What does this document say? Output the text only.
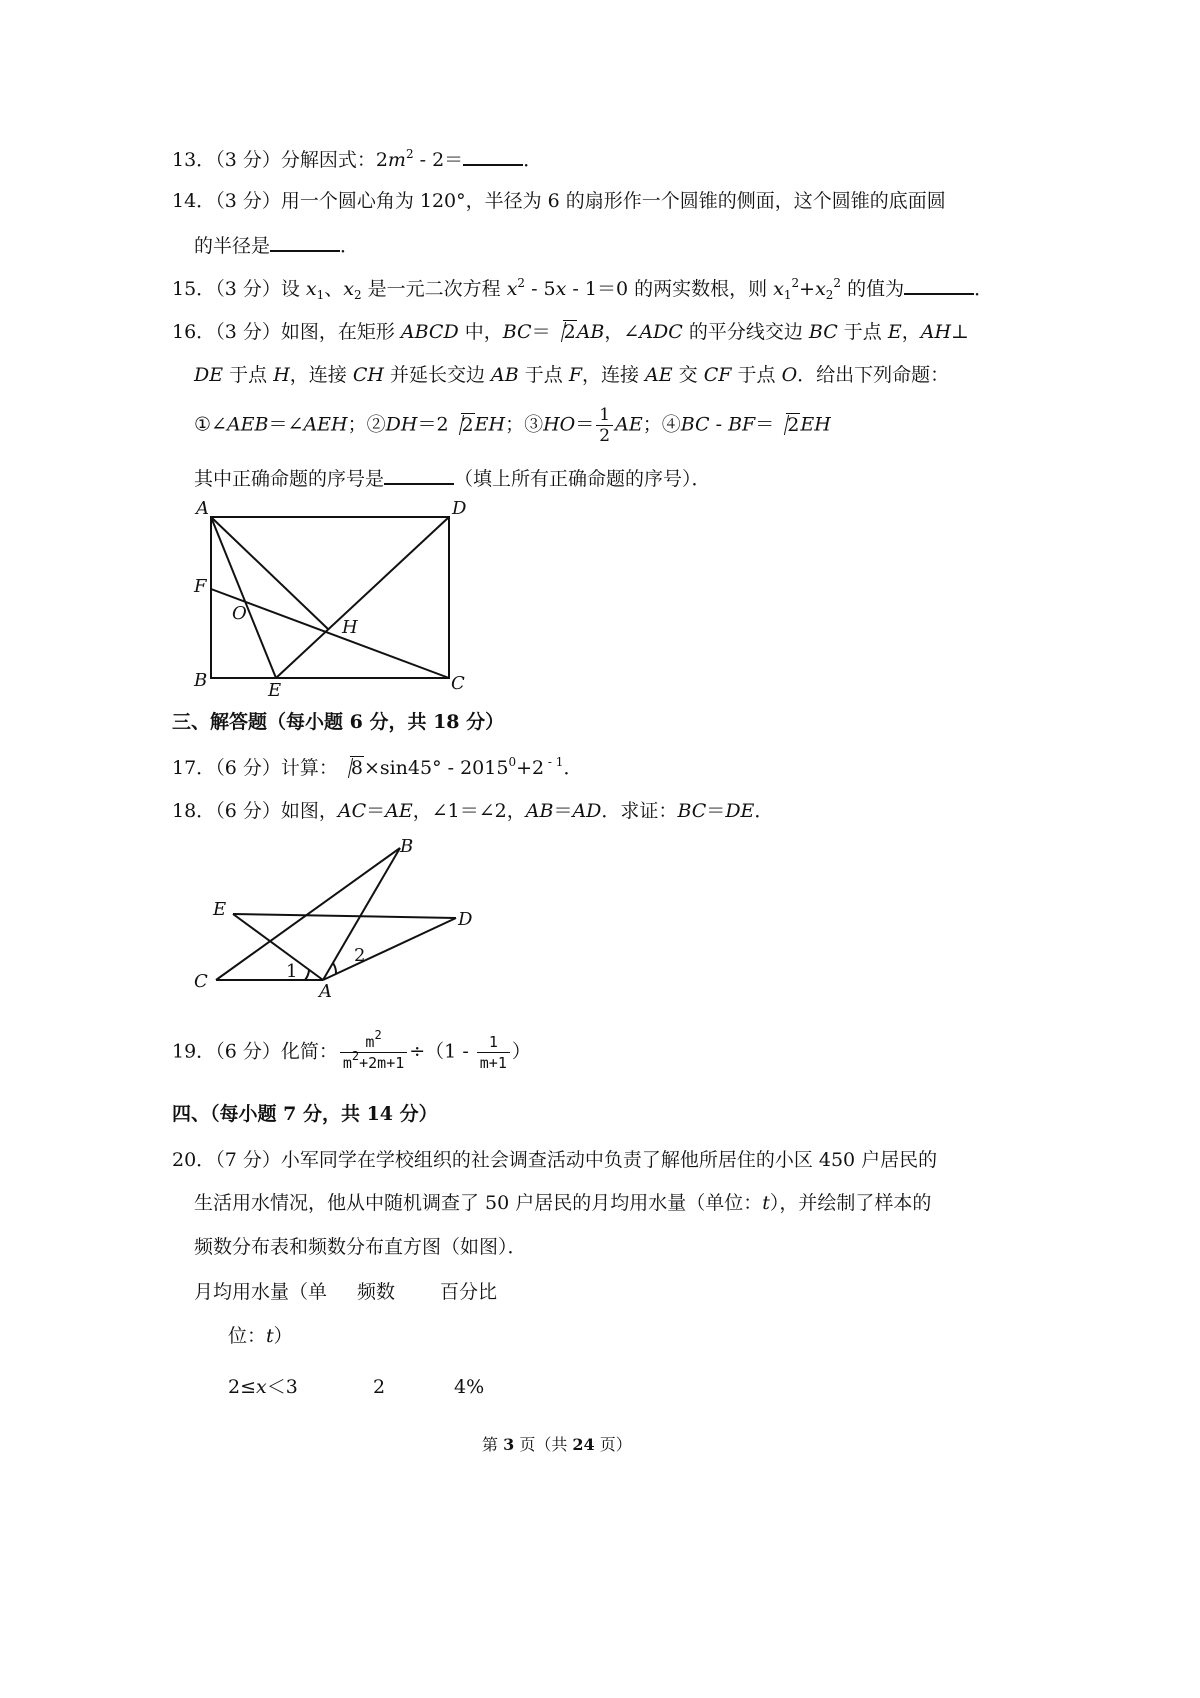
13．（3 分）分解因式：$2m^2 - 2=$	．
14．（3 分）用一个圆心角为 120°，半径为 6 的扇形作一个圆锥的侧面，这个圆锥的底面圆
的半径是	．
15．（3 分）设 $x_1$、$x_2$ 是一元二次方程 $x^2 - 5x - 1=0$ 的两实数根，则 $x_1^2+x_2^2$ 的值为	．
16．（3 分）如图，在矩形 ABCD 中，BC＝ 2AB，∠ADC 的平分线交边 BC 于点 E，AH⊥
DE 于点 H，连接 CH 并延长交边 AB 于点 F，连接 AE 交 CF 于点 O．给出下列命题：
①∠AEB＝∠AEH；②DH＝2 2EH；③HO＝ $\frac{1}{2}$ AE；④BC - BF＝ 2EH
其中正确命题的序号是	（填上所有正确命题的序号）．
A	D
F
O
H
B	E	C
三、解答题（每小题 6 分，共 18 分）
17．（6 分）计算： $8\times\sin 45^\circ - 2015^0+2$ $^{- 1}$．
18．（6 分）如图，AC＝AE，∠1＝∠2，AB＝AD．求证：BC＝DE．
B
E	D
C	A
1
2
19．（6 分）化简： $\frac{m^2}{m^2+2m+1} \div(1 - \frac{1}{m+1}$ ）
四、（每小题 7 分，共 14 分）
20．（7 分）小军同学在学校组织的社会调查活动中负责了解他所居住的小区 450 户居民的
生活用水情况，他从中随机调查了 50 户居民的月均用水量（单位：t），并绘制了样本的
频数分布表和频数分布直方图（如图）．
月均用水量（单 频数 百分比
位：t）
2≤x＜3	2	4%
第 3 页（共 24 页）
